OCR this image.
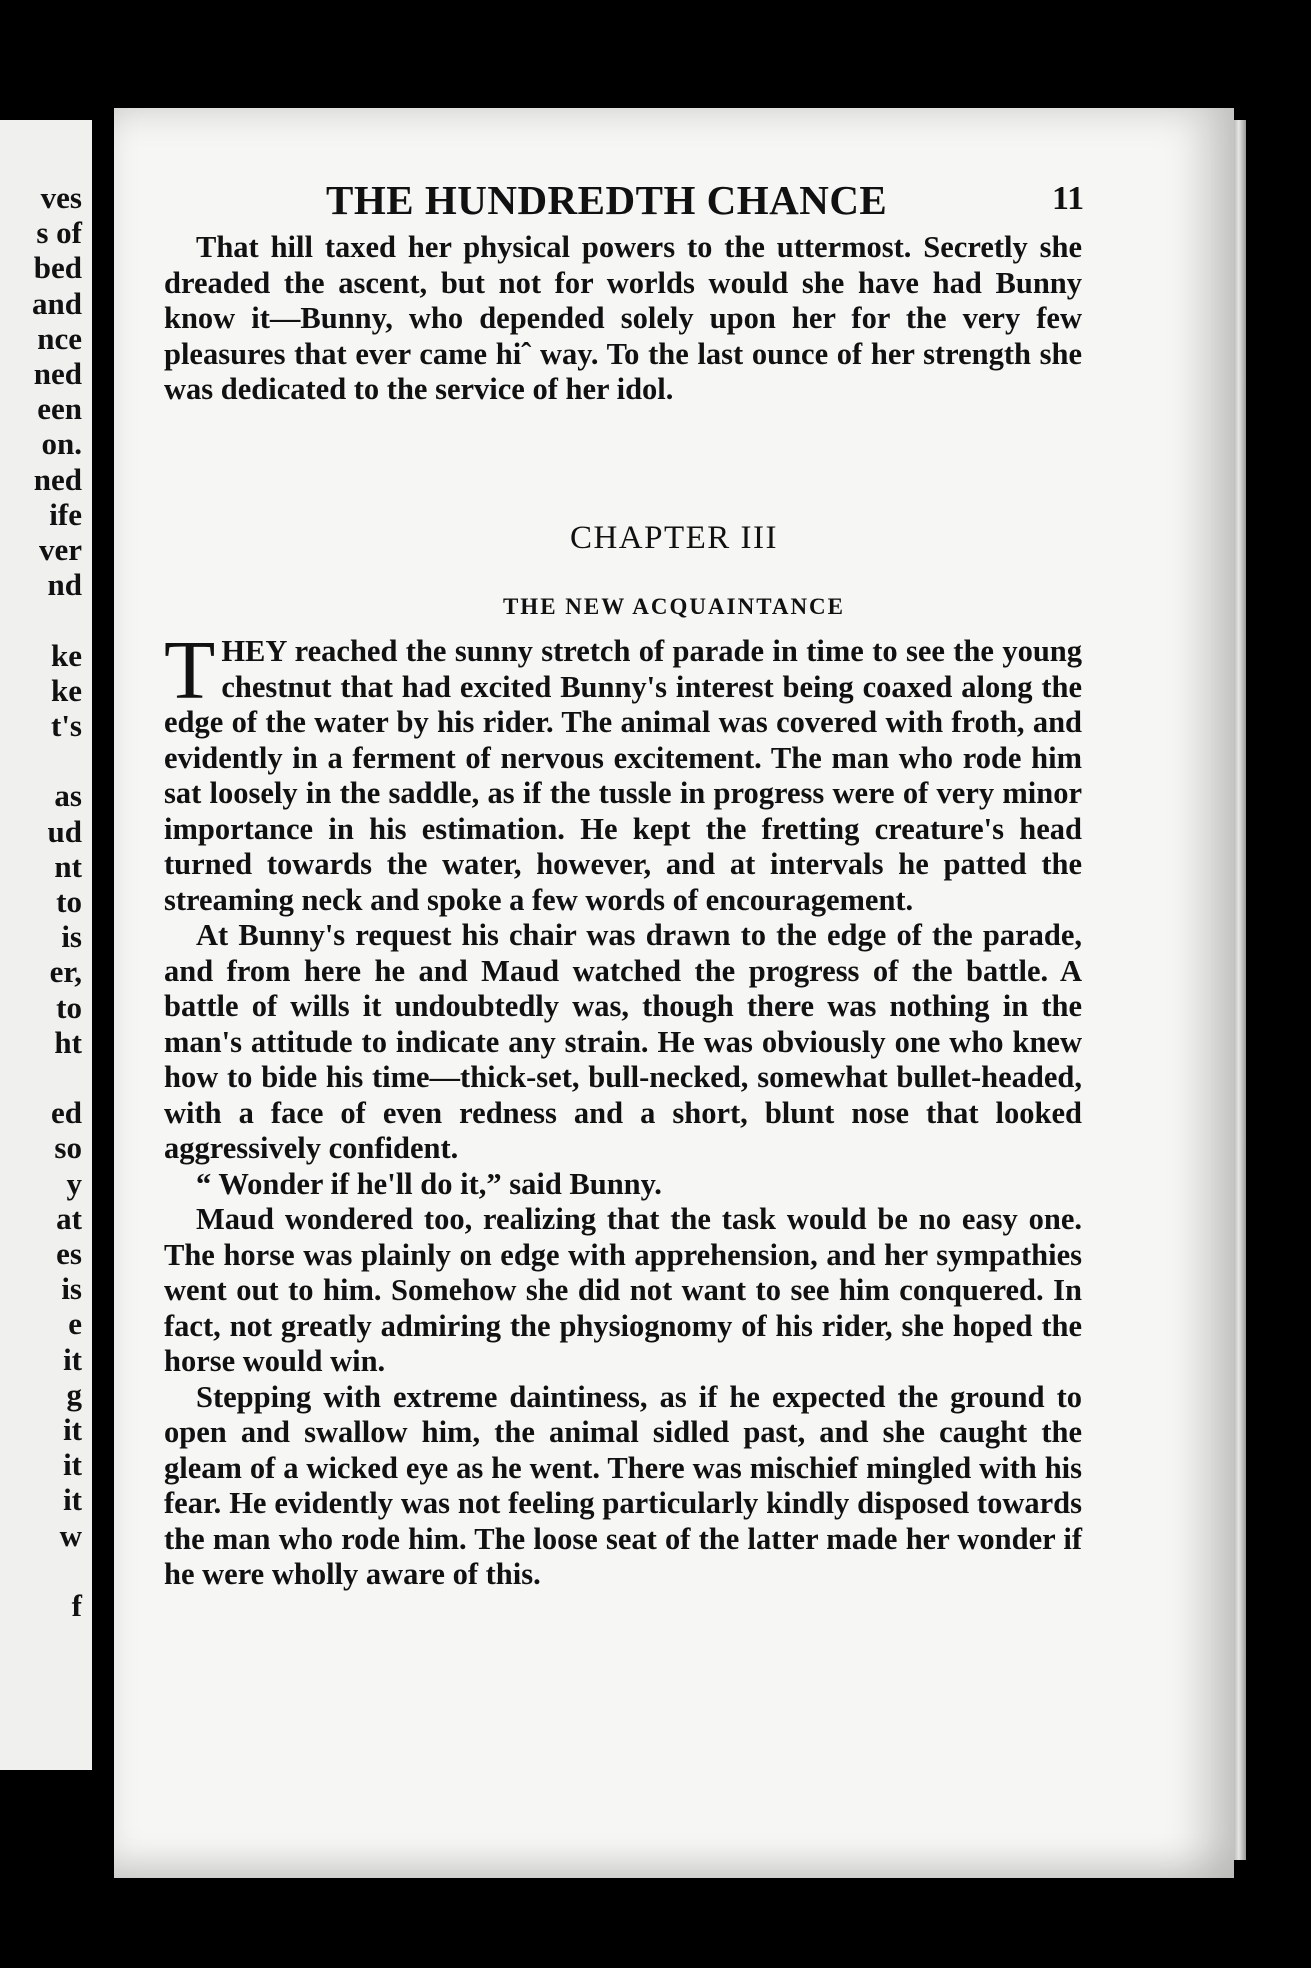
ves
s of
bed
and
nce
ned
een
on.
ned
ife
ver
nd
ke
ke
t's
as
ud
nt
to
is
er,
to
ht
ed
so
y
at
es
is
e
it
g
it
it
it
w
f
THE HUNDREDTH CHANCE	11

That hill taxed her physical powers to the uttermost. Secretly she dreaded the ascent, but not for worlds would she have had Bunny know it—Bunny, who depended solely upon her for the very few pleasures that ever came hiˆ way. To the last ounce of her strength she was dedicated to the service of her idol.

CHAPTER III
THE NEW ACQUAINTANCE

THEY reached the sunny stretch of parade in time to see the young chestnut that had excited Bunny's interest being coaxed along the edge of the water by his rider. The animal was covered with froth, and evidently in a ferment of nervous excitement. The man who rode him sat loosely in the saddle, as if the tussle in progress were of very minor importance in his estimation. He kept the fretting creature's head turned towards the water, however, and at intervals he patted the streaming neck and spoke a few words of encouragement.

At Bunny's request his chair was drawn to the edge of the parade, and from here he and Maud watched the progress of the battle. A battle of wills it undoubtedly was, though there was nothing in the man's attitude to indicate any strain. He was obviously one who knew how to bide his time—thick-set, bull-necked, somewhat bullet-headed, with a face of even redness and a short, blunt nose that looked aggressively confident.

“ Wonder if he'll do it,” said Bunny.

Maud wondered too, realizing that the task would be no easy one. The horse was plainly on edge with apprehension, and her sympathies went out to him. Somehow she did not want to see him conquered. In fact, not greatly admiring the physiognomy of his rider, she hoped the horse would win.

Stepping with extreme daintiness, as if he expected the ground to open and swallow him, the animal sidled past, and she caught the gleam of a wicked eye as he went. There was mischief mingled with his fear. He evidently was not feeling particularly kindly disposed towards the man who rode him. The loose seat of the latter made her wonder if he were wholly aware of this.
